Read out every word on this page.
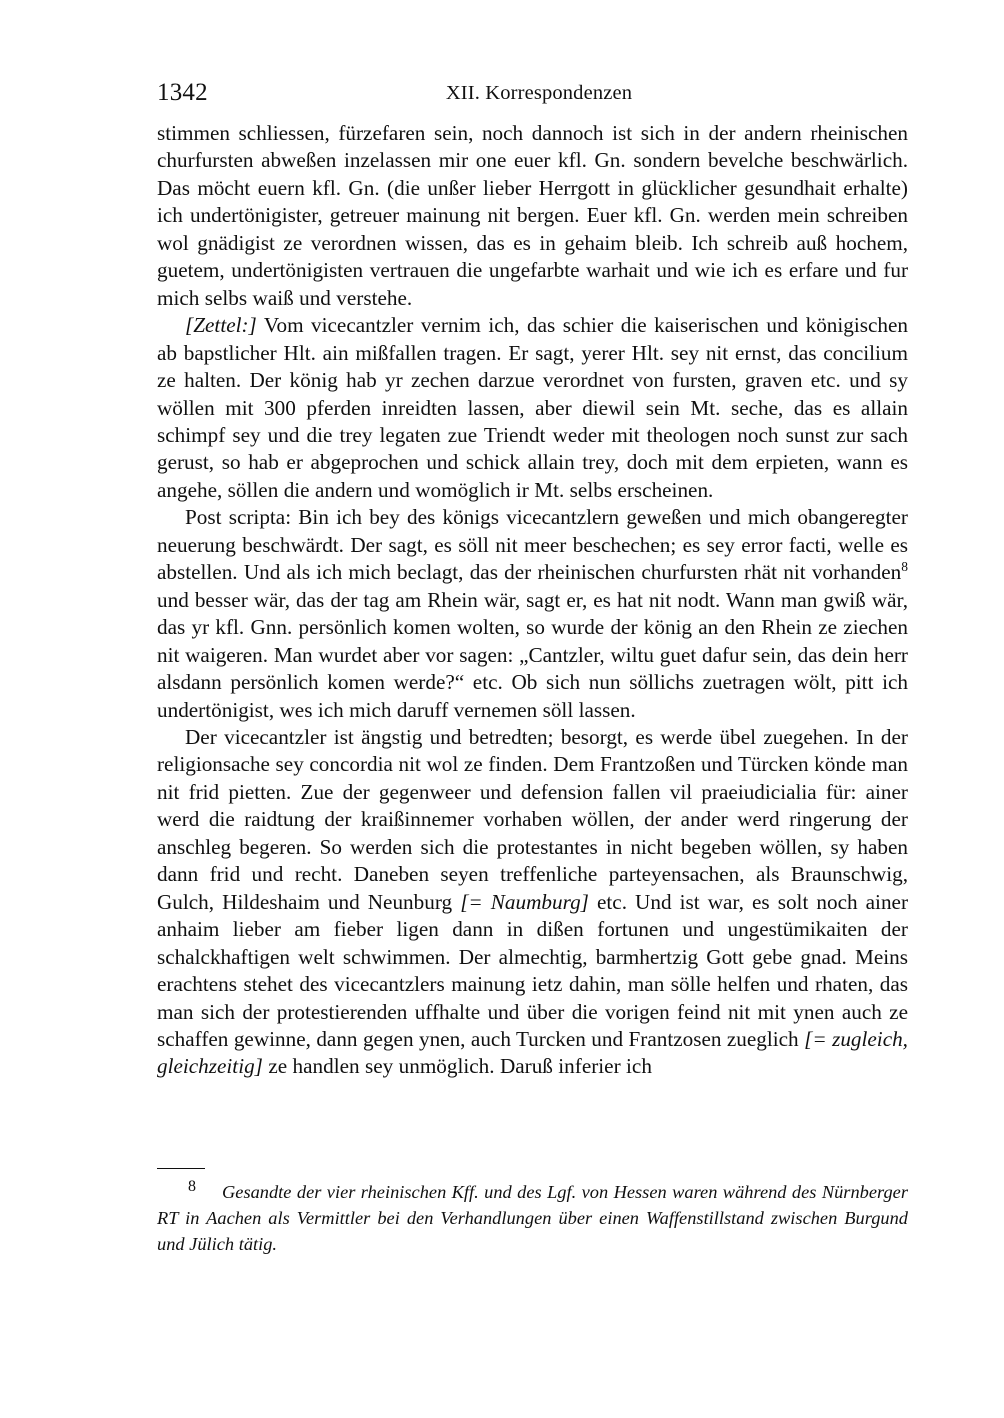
1342	XII. Korrespondenzen

stimmen schliessen, fürzefaren sein, noch dannoch ist sich in der andern rheinischen churfursten abweßen inzelassen mir one euer kfl. Gn. sondern bevelche beschwärlich. Das möcht euern kfl. Gn. (die unßer lieber Herrgott in glücklicher gesundhait erhalte) ich undertönigister, getreuer mainung nit bergen. Euer kfl. Gn. werden mein schreiben wol gnädigist ze verordnen wissen, das es in gehaim bleib. Ich schreib auß hochem, guetem, undertönigisten vertrauen die ungefarbte warhait und wie ich es erfare und fur mich selbs waiß und verstehe.

[Zettel:] Vom vicecantzler vernim ich, das schier die kaiserischen und königischen ab bapstlicher Hlt. ain mißfallen tragen. Er sagt, yerer Hlt. sey nit ernst, das concilium ze halten. Der könig hab yr zechen darzue verordnet von fursten, graven etc. und sy wöllen mit 300 pferden inreidten lassen, aber diewil sein Mt. seche, das es allain schimpf sey und die trey legaten zue Triendt weder mit theologen noch sunst zur sach gerust, so hab er abgeprochen und schick allain trey, doch mit dem erpieten, wann es angehe, söllen die andern und womöglich ir Mt. selbs erscheinen.

Post scripta: Bin ich bey des königs vicecantzlern geweßen und mich obangeregter neuerung beschwärdt. Der sagt, es söll nit meer beschechen; es sey error facti, welle es abstellen. Und als ich mich beclagt, das der rheinischen churfursten rhät nit vorhanden$^8$ und besser wär, das der tag am Rhein wär, sagt er, es hat nit nodt. Wann man gwiß wär, das yr kfl. Gnn. persönlich komen wolten, so wurde der könig an den Rhein ze ziechen nit waigeren. Man wurdet aber vor sagen: „Cantzler, wiltu guet dafur sein, das dein herr alsdann persönlich komen werde?“ etc. Ob sich nun söllichs zuetragen wölt, pitt ich undertönigist, wes ich mich daruff vernemen söll lassen.

Der vicecantzler ist ängstig und betredten; besorgt, es werde übel zuegehen. In der religionsache sey concordia nit wol ze finden. Dem Frantzoßen und Türcken könde man nit frid pietten. Zue der gegenweer und defension fallen vil praeiudicialia für: ainer werd die raidtung der kraißinnemer vorhaben wöllen, der ander werd ringerung der anschleg begeren. So werden sich die protestantes in nicht begeben wöllen, sy haben dann frid und recht. Daneben seyen treffenliche parteyensachen, als Braunschwig, Gulch, Hildeshaim und Neunburg [= Naumburg] etc. Und ist war, es solt noch ainer anhaim lieber am fieber ligen dann in dißen fortunen und ungestümikaiten der schalckhaftigen welt schwimmen. Der almechtig, barmhertzig Gott gebe gnad. Meins erachtens stehet des vicecantzlers mainung ietz dahin, man sölle helfen und rhaten, das man sich der protestierenden uffhalte und über die vorigen feind nit mit ynen auch ze schaffen gewinne, dann gegen ynen, auch Turcken und Frantzosen zueglich [= zugleich, gleichzeitig] ze handlen sey unmöglich. Daruß inferier ich

8 Gesandte der vier rheinischen Kff. und des Lgf. von Hessen waren während des Nürnberger RT in Aachen als Vermittler bei den Verhandlungen über einen Waffenstillstand zwischen Burgund und Jülich tätig.
